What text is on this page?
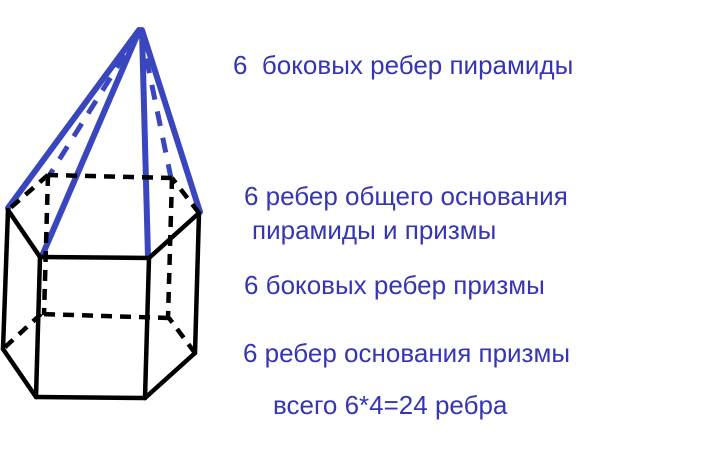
6  боковых ребер пирамиды
6 ребер общего основания
пирамиды и призмы
6 боковых ребер призмы
6 ребер основания призмы
всего 6*4=24 ребра
